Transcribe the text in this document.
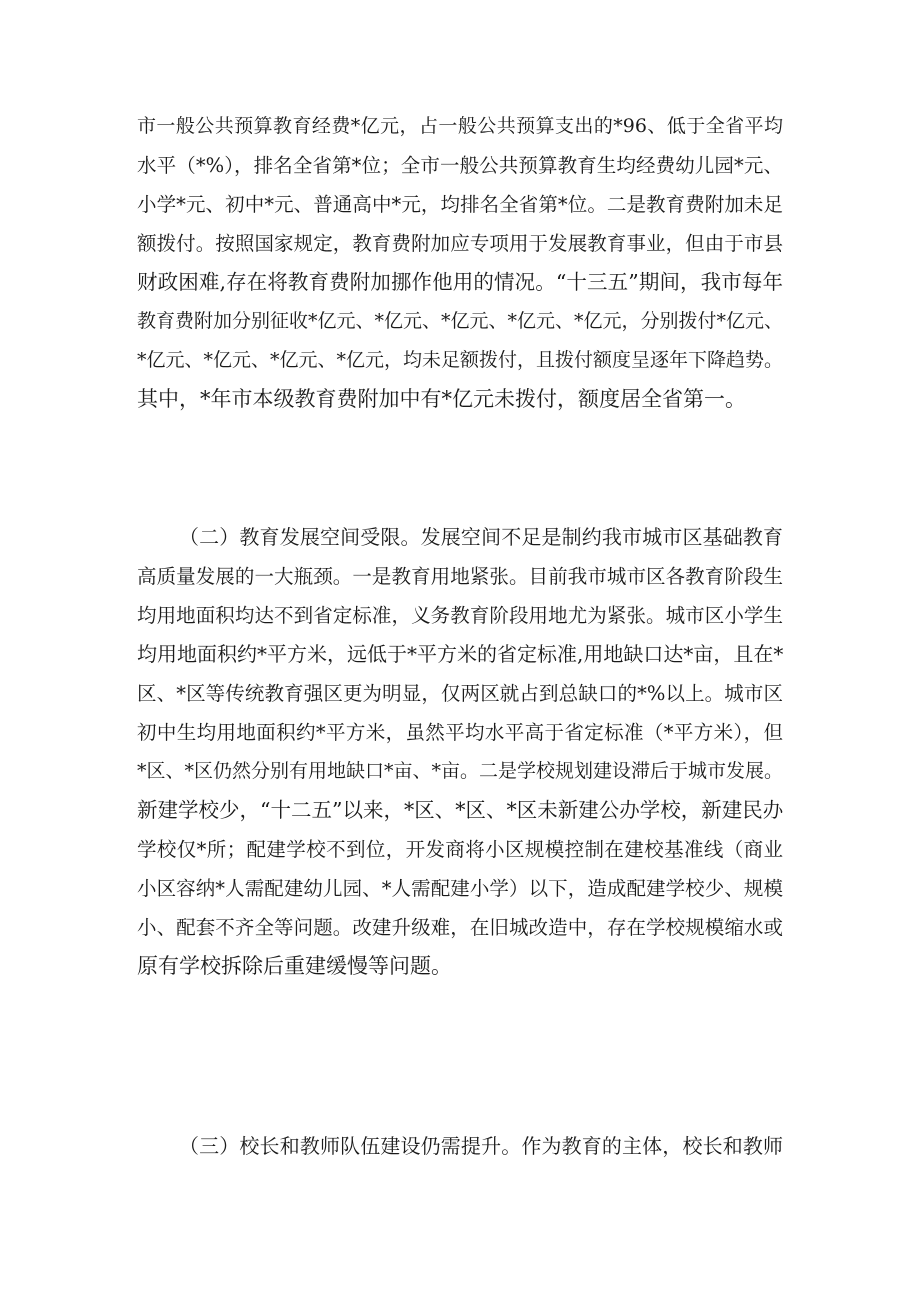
市一般公共预算教育经费*亿元，占一般公共预算支出的*96、低于全省平均
水平（*%），排名全省第*位；全市一般公共预算教育生均经费幼儿园*元、
小学*元、初中*元、普通高中*元，均排名全省第*位。二是教育费附加未足
额拨付。按照国家规定，教育费附加应专项用于发展教育事业，但由于市县
财政困难,存在将教育费附加挪作他用的情况。“十三五”期间，我市每年
教育费附加分别征收*亿元、*亿元、*亿元、*亿元、*亿元，分别拨付*亿元、
*亿元、*亿元、*亿元、*亿元，均未足额拨付，且拨付额度呈逐年下降趋势。
其中，*年市本级教育费附加中有*亿元未拨付，额度居全省第一。
（二）教育发展空间受限。发展空间不足是制约我市城市区基础教育
高质量发展的一大瓶颈。一是教育用地紧张。目前我市城市区各教育阶段生
均用地面积均达不到省定标准，义务教育阶段用地尤为紧张。城市区小学生
均用地面积约*平方米，远低于*平方米的省定标准,用地缺口达*亩，且在*
区、*区等传统教育强区更为明显，仅两区就占到总缺口的*%以上。城市区
初中生均用地面积约*平方米，虽然平均水平高于省定标准（*平方米），但
*区、*区仍然分别有用地缺口*亩、*亩。二是学校规划建设滞后于城市发展。
新建学校少，“十二五”以来，*区、*区、*区未新建公办学校，新建民办
学校仅*所；配建学校不到位，开发商将小区规模控制在建校基准线（商业
小区容纳*人需配建幼儿园、*人需配建小学）以下，造成配建学校少、规模
小、配套不齐全等问题。改建升级难，在旧城改造中，存在学校规模缩水或
原有学校拆除后重建缓慢等问题。
（三）校长和教师队伍建设仍需提升。作为教育的主体，校长和教师
